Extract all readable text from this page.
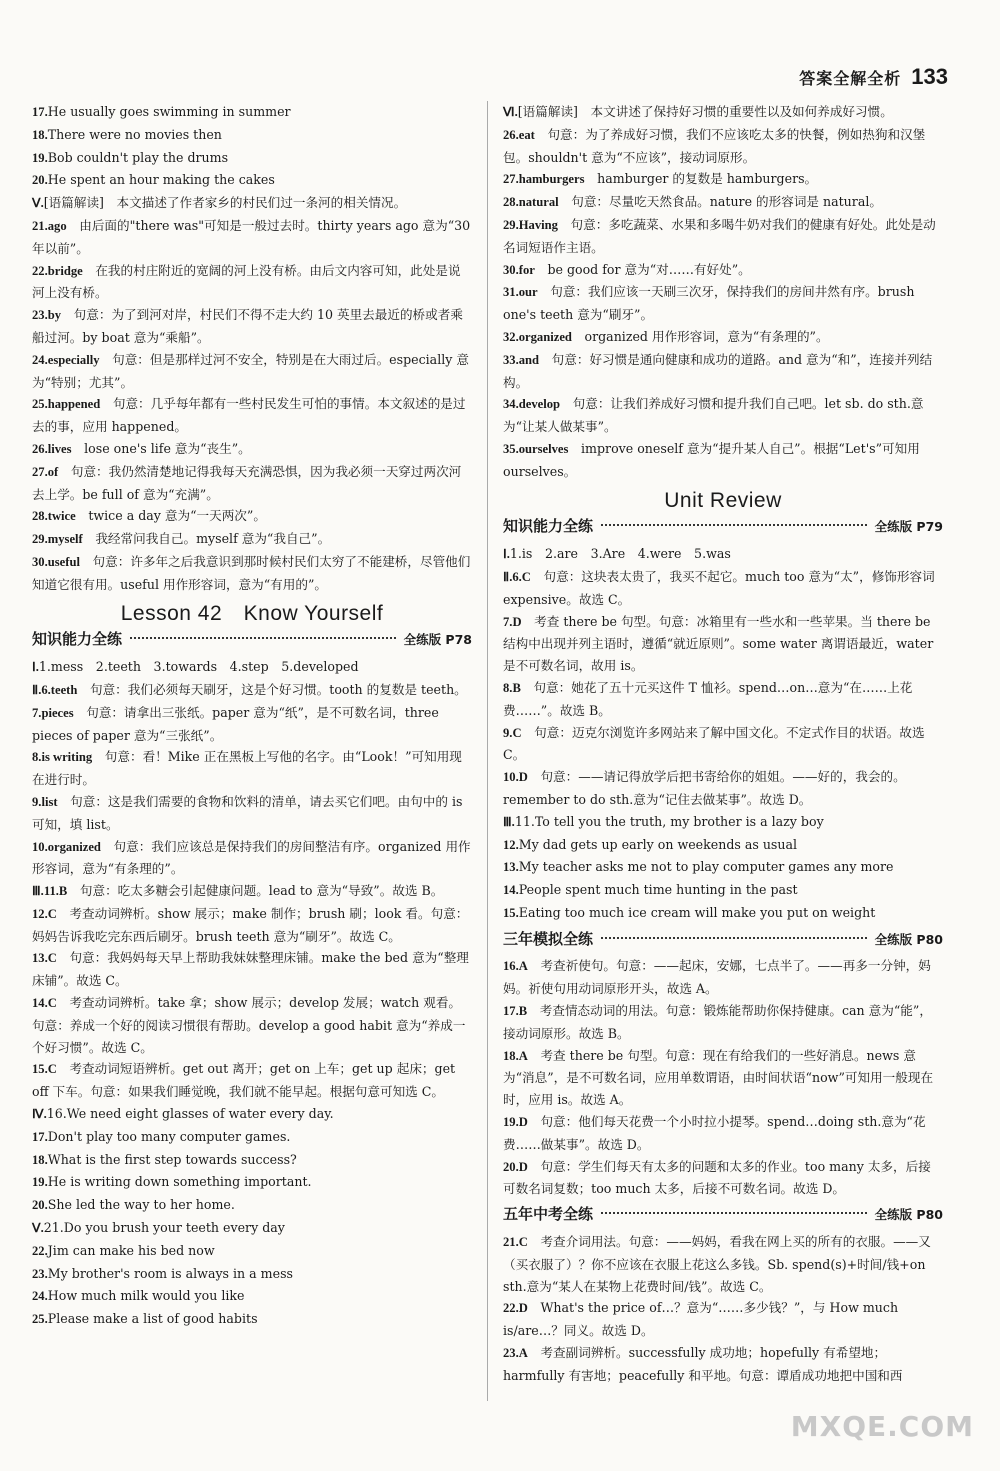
答案全解全析 133
17.He usually goes swimming in summer
18.There were no movies then
19.Bob couldn't play the drums
20.He spent an hour making the cakes
Ⅴ.[语篇解读]　本文描述了作者家乡的村民们过一条河的相关情况。
21.ago　由后面的"there was"可知是一般过去时。thirty years ago 意为“30 年以前”。
22.bridge　在我的村庄附近的宽阔的河上没有桥。由后文内容可知，此处是说河上没有桥。
23.by　句意：为了到河对岸，村民们不得不走大约 10 英里去最近的桥或者乘船过河。by boat 意为“乘船”。
24.especially　句意：但是那样过河不安全，特别是在大雨过后。especially 意为“特别；尤其”。
25.happened　句意：几乎每年都有一些村民发生可怕的事情。本文叙述的是过去的事，应用 happened。
26.lives　lose one's life 意为“丧生”。
27.of　句意：我仍然清楚地记得我每天充满恐惧，因为我必须一天穿过两次河去上学。be full of 意为“充满”。
28.twice　twice a day 意为“一天两次”。
29.myself　我经常问我自己。myself 意为“我自己”。
30.useful　句意：许多年之后我意识到那时候村民们太穷了不能建桥，尽管他们知道它很有用。useful 用作形容词，意为“有用的”。
Lesson 42　Know Yourself
知识能力全练	全练版 P78
Ⅰ.1.mess　2.teeth　3.towards　4.step　5.developed
Ⅱ.6.teeth　句意：我们必须每天刷牙，这是个好习惯。tooth 的复数是 teeth。
7.pieces　句意：请拿出三张纸。paper 意为“纸”，是不可数名词，three pieces of paper 意为“三张纸”。
8.is writing　句意：看！Mike 正在黑板上写他的名字。由“Look！”可知用现在进行时。
9.list　句意：这是我们需要的食物和饮料的清单，请去买它们吧。由句中的 is 可知，填 list。
10.organized　句意：我们应该总是保持我们的房间整洁有序。organized 用作形容词，意为“有条理的”。
Ⅲ.11.B　句意：吃太多糖会引起健康问题。lead to 意为“导致”。故选 B。
12.C　考查动词辨析。show 展示；make 制作；brush 刷；look 看。句意：妈妈告诉我吃完东西后刷牙。brush teeth 意为“刷牙”。故选 C。
13.C　句意：我妈妈每天早上帮助我妹妹整理床铺。make the bed 意为“整理床铺”。故选 C。
14.C　考查动词辨析。take 拿；show 展示；develop 发展；watch 观看。句意：养成一个好的阅读习惯很有帮助。develop a good habit 意为“养成一个好习惯”。故选 C。
15.C　考查动词短语辨析。get out 离开；get on 上车；get up 起床；get off 下车。句意：如果我们睡觉晚，我们就不能早起。根据句意可知选 C。
Ⅳ.16.We need eight glasses of water every day.
17.Don't play too many computer games.
18.What is the first step towards success?
19.He is writing down something important.
20.She led the way to her home.
Ⅴ.21.Do you brush your teeth every day
22.Jim can make his bed now
23.My brother's room is always in a mess
24.How much milk would you like
25.Please make a list of good habits
Ⅵ.[语篇解读]　本文讲述了保持好习惯的重要性以及如何养成好习惯。
26.eat　句意：为了养成好习惯，我们不应该吃太多的快餐，例如热狗和汉堡包。shouldn't 意为“不应该”，接动词原形。
27.hamburgers　hamburger 的复数是 hamburgers。
28.natural　句意：尽量吃天然食品。nature 的形容词是 natural。
29.Having　句意：多吃蔬菜、水果和多喝牛奶对我们的健康有好处。此处是动名词短语作主语。
30.for　be good for 意为“对……有好处”。
31.our　句意：我们应该一天刷三次牙，保持我们的房间井然有序。brush one's teeth 意为“刷牙”。
32.organized　organized 用作形容词，意为“有条理的”。
33.and　句意：好习惯是通向健康和成功的道路。and 意为“和”，连接并列结构。
34.develop　句意：让我们养成好习惯和提升我们自己吧。let sb. do sth.意为“让某人做某事”。
35.ourselves　improve oneself 意为“提升某人自己”。根据“Let's”可知用 ourselves。
Unit Review
知识能力全练	全练版 P79
Ⅰ.1.is　2.are　3.Are　4.were　5.was
Ⅱ.6.C　句意：这块表太贵了，我买不起它。much too 意为“太”，修饰形容词 expensive。故选 C。
7.D　考查 there be 句型。句意：冰箱里有一些水和一些苹果。当 there be 结构中出现并列主语时，遵循“就近原则”。some water 离谓语最近，water 是不可数名词，故用 is。
8.B　句意：她花了五十元买这件 T 恤衫。spend…on…意为“在……上花费……”。故选 B。
9.C　句意：迈克尔浏览许多网站来了解中国文化。不定式作目的状语。故选 C。
10.D　句意：——请记得放学后把书寄给你的姐姐。——好的，我会的。remember to do sth.意为“记住去做某事”。故选 D。
Ⅲ.11.To tell you the truth, my brother is a lazy boy
12.My dad gets up early on weekends as usual
13.My teacher asks me not to play computer games any more
14.People spent much time hunting in the past
15.Eating too much ice cream will make you put on weight
三年模拟全练	全练版 P80
16.A　考查祈使句。句意：——起床，安娜，七点半了。——再多一分钟，妈妈。祈使句用动词原形开头，故选 A。
17.B　考查情态动词的用法。句意：锻炼能帮助你保持健康。can 意为“能”，接动词原形。故选 B。
18.A　考查 there be 句型。句意：现在有给我们的一些好消息。news 意为“消息”，是不可数名词，应用单数谓语，由时间状语“now”可知用一般现在时，应用 is。故选 A。
19.D　句意：他们每天花费一个小时拉小提琴。spend…doing sth.意为“花费……做某事”。故选 D。
20.D　句意：学生们每天有太多的问题和太多的作业。too many 太多，后接可数名词复数；too much 太多，后接不可数名词。故选 D。
五年中考全练	全练版 P80
21.C　考查介词用法。句意：——妈妈，看我在网上买的所有的衣服。——又（买衣服了）？你不应该在衣服上花这么多钱。Sb. spend(s)+时间/钱+on sth.意为“某人在某物上花费时间/钱”。故选 C。
22.D　What's the price of…？意为“……多少钱？”，与 How much is/are…？同义。故选 D。
23.A　考查副词辨析。successfully 成功地；hopefully 有希望地；harmfully 有害地；peacefully 和平地。句意：谭盾成功地把中国和西
MXQE.COM
